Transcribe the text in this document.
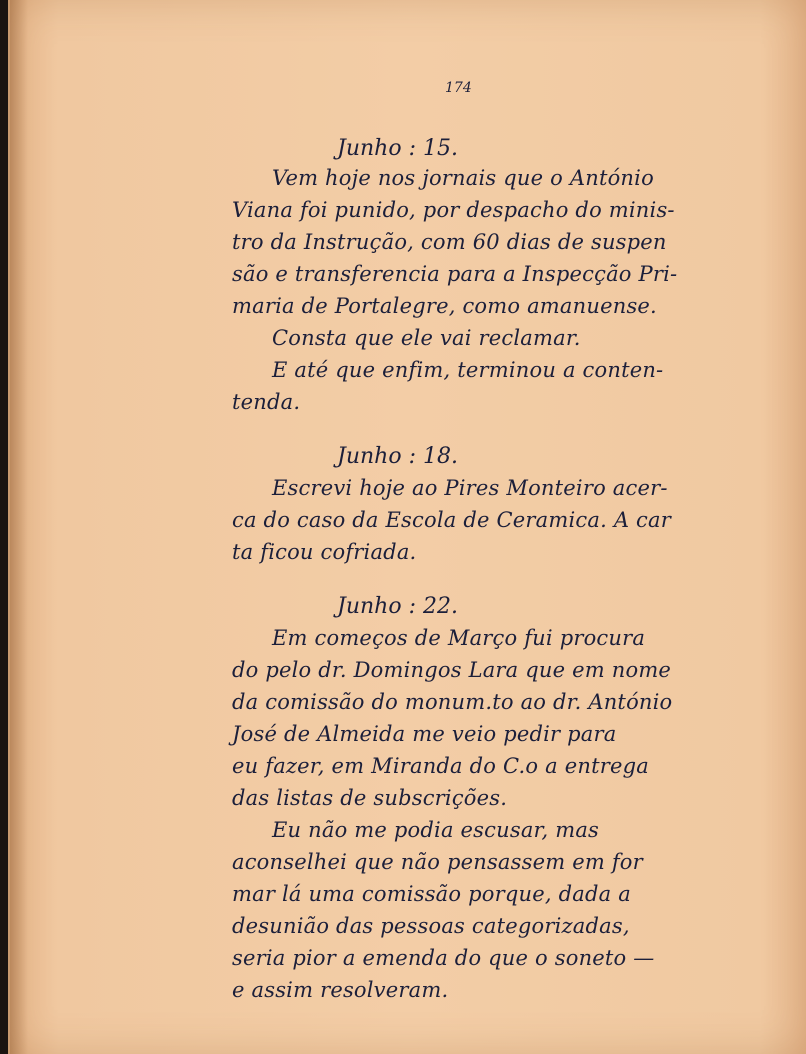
174
Junho : 15.
Vem hoje nos jornais que o António
Viana foi punido, por despacho do minis-
tro da Instrução, com 60 dias de suspen
são e transferencia para a Inspecção Pri-
maria de Portalegre, como amanuense.
Consta que ele vai reclamar.
E até que enfim, terminou a conten-
tenda.
Junho : 18.
Escrevi hoje ao Pires Monteiro acer-
ca do caso da Escola de Ceramica. A car
ta ficou cofriada.
Junho : 22.
Em começos de Março fui procura
do pelo dr. Domingos Lara que em nome
da comissão do monum.to ao dr. António
José de Almeida me veio pedir para
eu fazer, em Miranda do C.o a entrega
das listas de subscrições.
Eu não me podia escusar, mas
aconselhei que não pensassem em for
mar lá uma comissão porque, dada a
desunião das pessoas categorizadas,
seria pior a emenda do que o soneto —
e assim resolveram.
